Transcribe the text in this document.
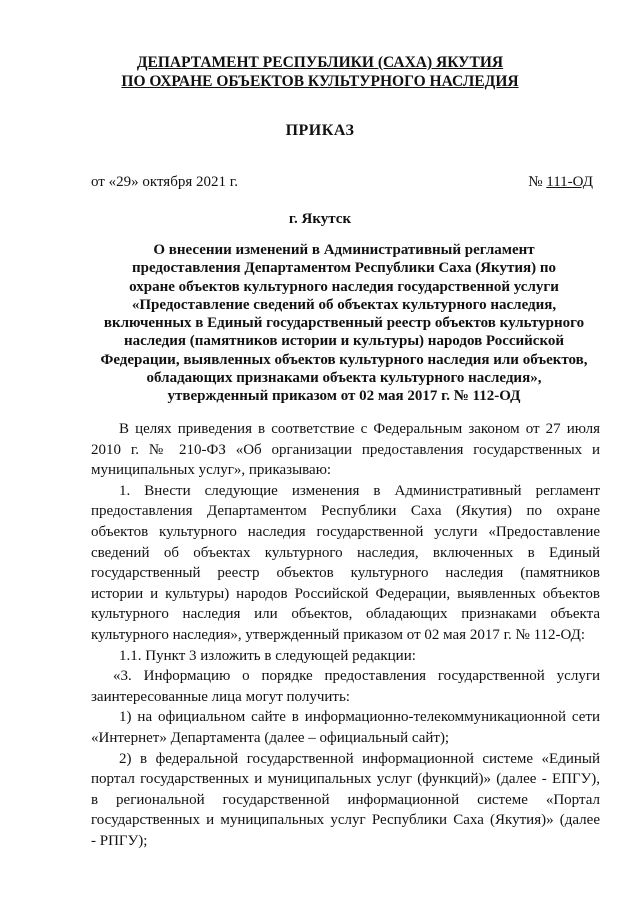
ДЕПАРТАМЕНТ РЕСПУБЛИКИ (САХА) ЯКУТИЯ
ПО ОХРАНЕ ОБЪЕКТОВ КУЛЬТУРНОГО НАСЛЕДИЯ
ПРИКАЗ
от «29» октября 2021 г.	№ 111-ОД
г. Якутск
О внесении изменений в Административный регламент
предоставления Департаментом Республики Саха (Якутия) по
охране объектов культурного наследия государственной услуги
«Предоставление сведений об объектах культурного наследия,
включенных в Единый государственный реестр объектов культурного
наследия (памятников истории и культуры) народов Российской
Федерации, выявленных объектов культурного наследия или объектов,
обладающих признаками объекта культурного наследия»,
утвержденный приказом от 02 мая 2017 г. № 112-ОД

В целях приведения в соответствие с Федеральным законом от 27 июля
2010 г. № 210-ФЗ «Об организации предоставления государственных и
муниципальных услуг», приказываю:

1. Внести следующие изменения в Административный регламент
предоставления Департаментом Республики Саха (Якутия) по охране
объектов культурного наследия государственной услуги «Предоставление
сведений об объектах культурного наследия, включенных в Единый
государственный реестр объектов культурного наследия (памятников
истории и культуры) народов Российской Федерации, выявленных объектов
культурного наследия или объектов, обладающих признаками объекта
культурного наследия», утвержденный приказом от 02 мая 2017 г. № 112-ОД:

1.1. Пункт 3 изложить в следующей редакции:

«3. Информацию о порядке предоставления государственной услуги
заинтересованные лица могут получить:

1) на официальном сайте в информационно-телекоммуникационной сети
«Интернет» Департамента (далее – официальный сайт);

2) в федеральной государственной информационной системе «Единый
портал государственных и муниципальных услуг (функций)» (далее - ЕПГУ),
в региональной государственной информационной системе «Портал
государственных и муниципальных услуг Республики Саха (Якутия)» (далее
- РПГУ);
